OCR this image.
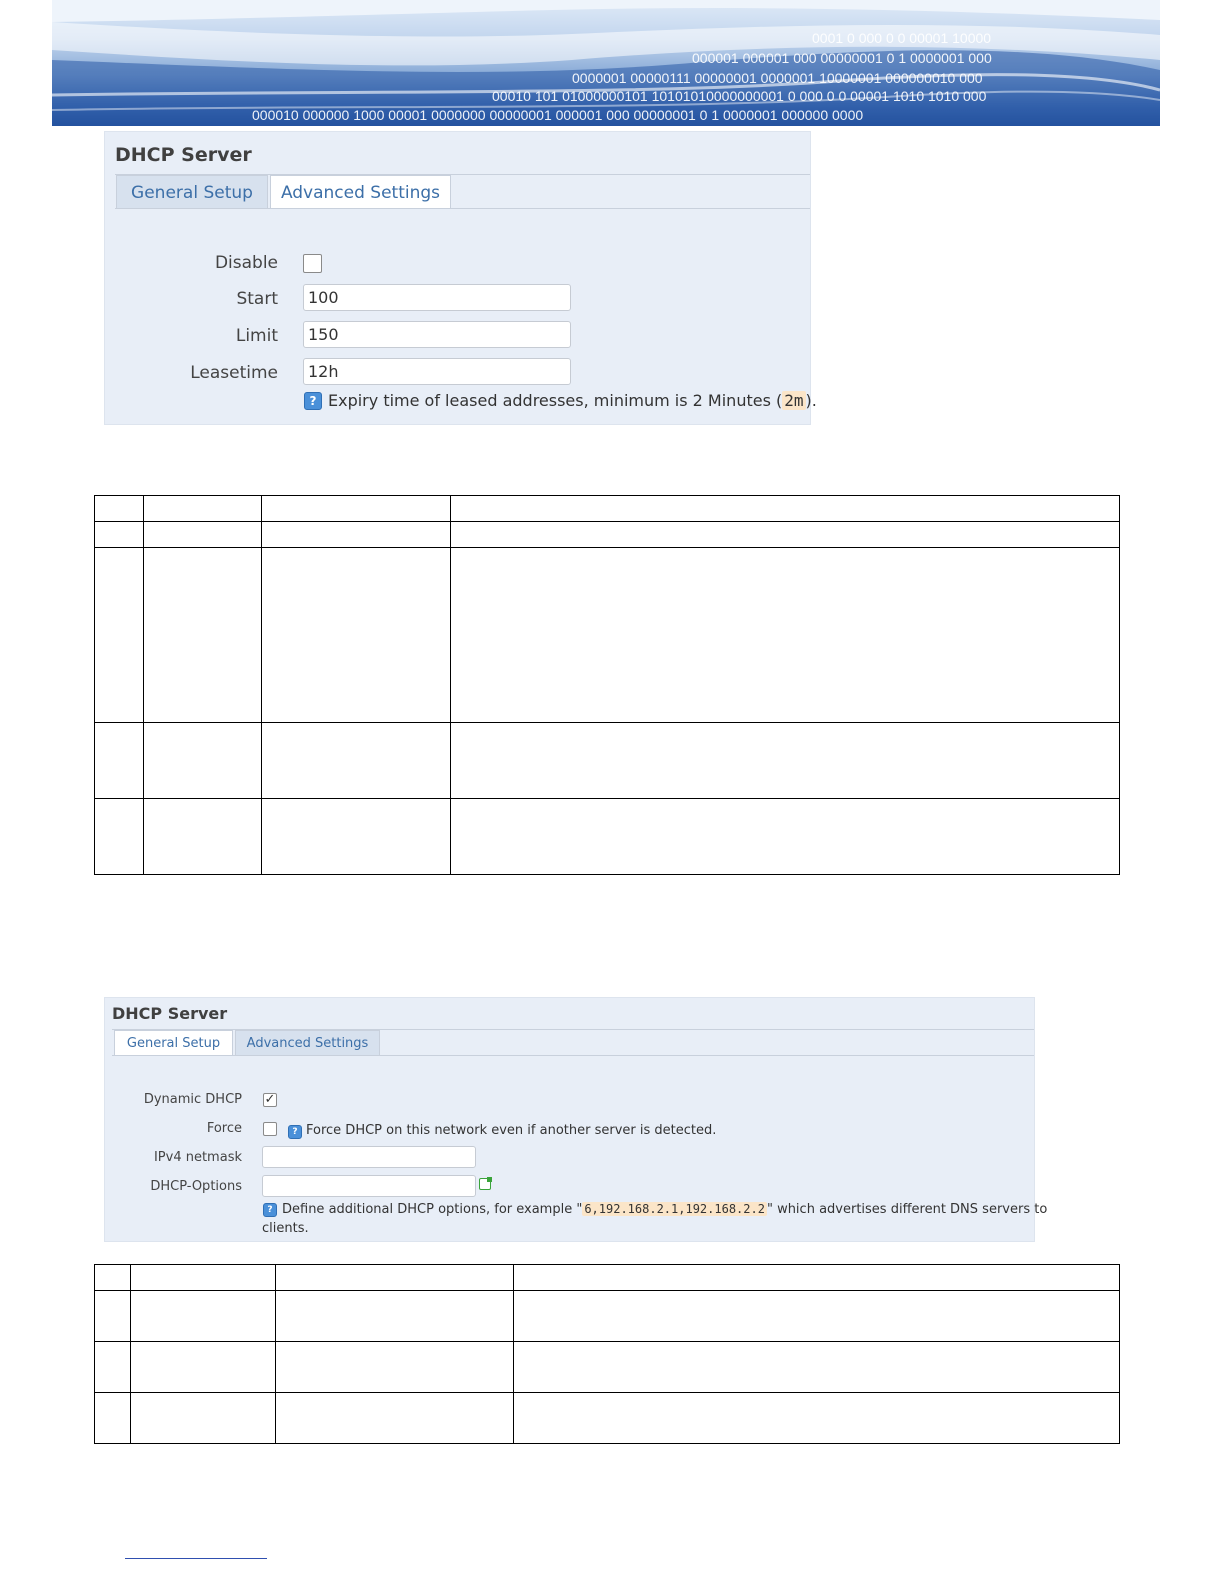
0001 0 000 0 0 00001 10000
000001 000001 000 00000001 0 1 0000001 000
0000001 00000111 00000001 0000001 10000001 000000010 000
00010 101 01000000101 10101010000000001 0 000 0 0 00001 1010 1010 000
000010 000000 1000 00001 0000000 00000001 000001 000 00000001 0 1 0000001 000000 0000
DHCP Server
General Setup	Advanced Settings
Disable
Start	100
Limit	150
Leasetime	12h
? Expiry time of leased addresses, minimum is 2 Minutes ( 2m ).

DHCP Server
General Setup	Advanced Settings
Dynamic DHCP ✓
Force	? Force DHCP on this network even if another server is detected.
IPv4 netmask
DHCP-Options
? Define additional DHCP options, for example " 6,192.168.2.1,192.168.2.2 " which advertises different DNS servers to
clients.
